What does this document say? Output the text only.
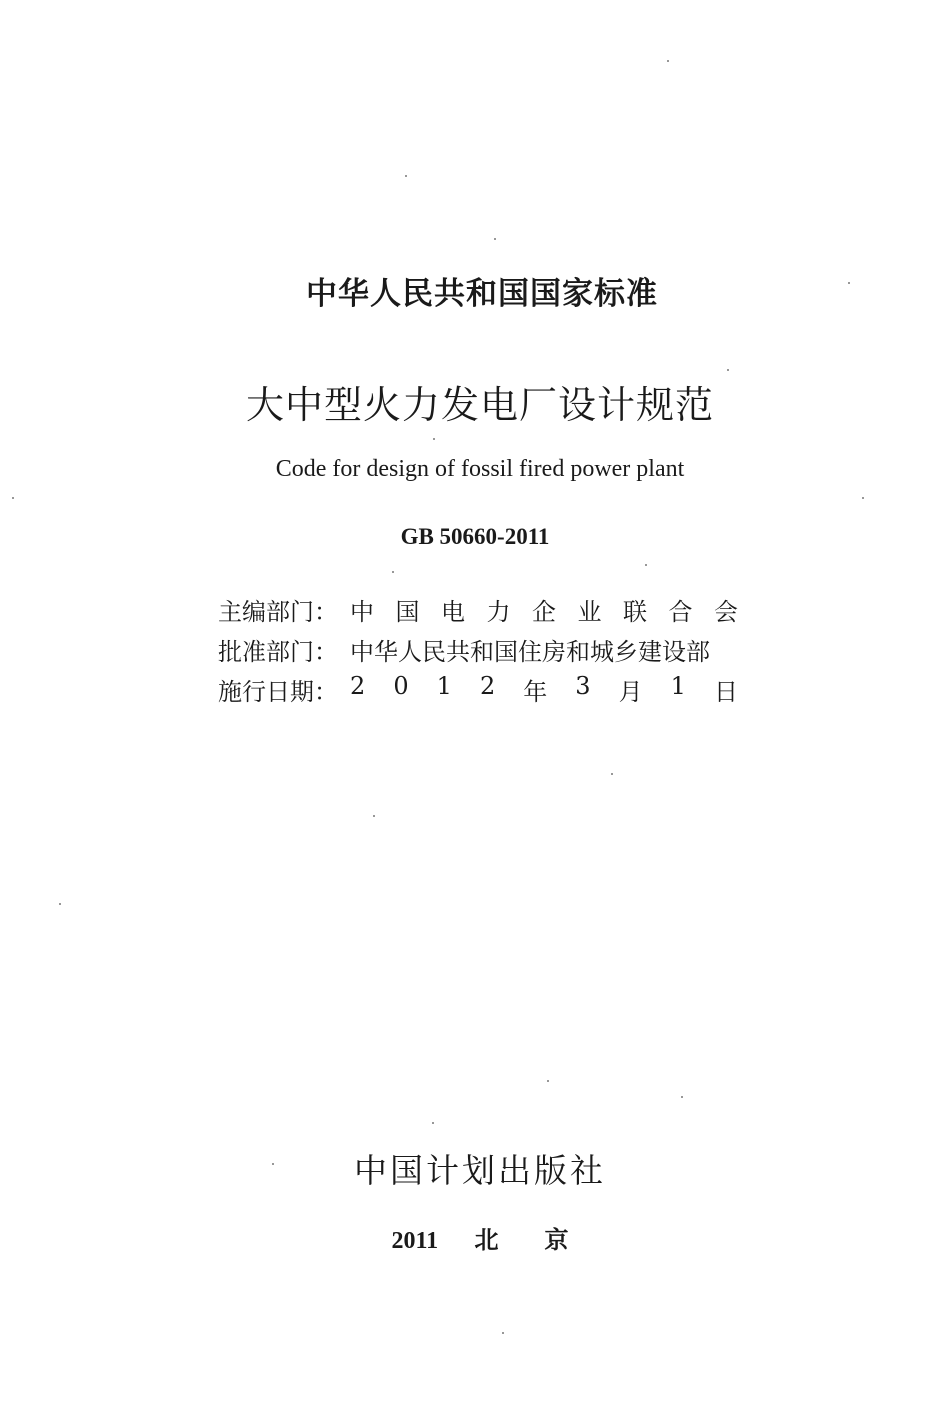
中华人民共和国国家标准
大中型火力发电厂设计规范
Code for design of fossil fired power plant
GB 50660-2011
主编部门： 中 国 电 力 企 业 联 合 会
批准部门： 中华人民共和国住房和城乡建设部
施行日期： 2 0 1 2 年 3 月 1 日
中国计划出版社
2011 北 京
